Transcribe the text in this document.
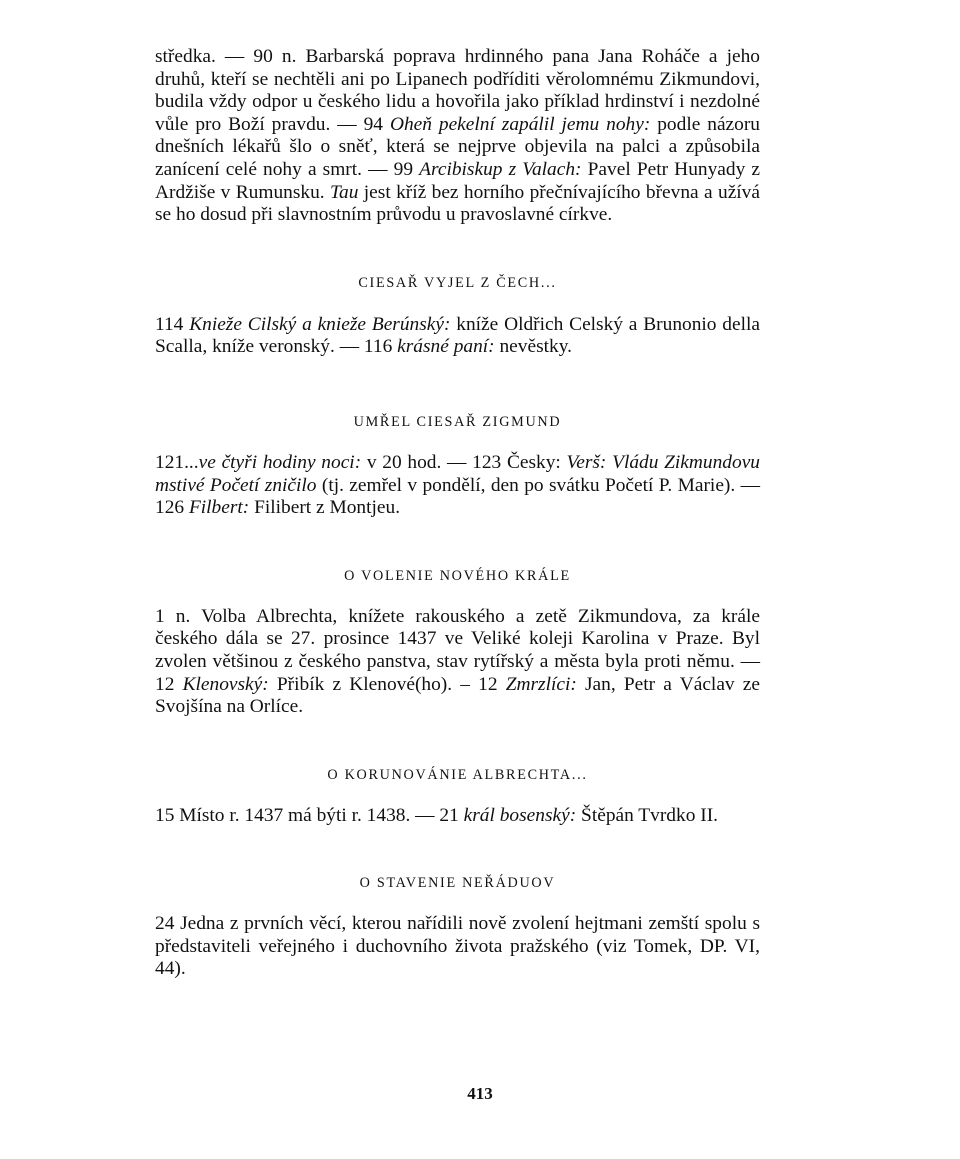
středka. — 90 n. Barbarská poprava hrdinného pana Jana Roháče a jeho druhů, kteří se nechtěli ani po Lipanech podříditi věrolomnému Zikmundovi, budila vždy odpor u českého lidu a hovořila jako příklad hrdinství i nezdolné vůle pro Boží pravdu. — 94 Oheň pekelní zapálil jemu nohy: podle názoru dnešních lékařů šlo o sněť, která se nejprve objevila na palci a způsobila zanícení celé nohy a smrt. — 99 Arcibiskup z Valach: Pavel Petr Hunyady z Ardžiše v Rumunsku. Tau jest kříž bez horního přečnívajícího břevna a užívá se ho dosud při slavnostním průvodu u pravoslavné církve.

CIESAŘ VYJEL Z ČECH...

114 Knieže Cilský a knieže Berúnský: kníže Oldřich Celský a Brunonio della Scalla, kníže veronský. — 116 krásné paní: nevěstky.

UMŘEL CIESAŘ ZIGMUND

121...ve čtyři hodiny noci: v 20 hod. — 123 Česky: Verš: Vládu Zikmundovu mstivé Početí zničilo (tj. zemřel v pondělí, den po svátku Početí P. Marie). — 126 Filbert: Filibert z Montjeu.

O VOLENIE NOVÉHO KRÁLE

1 n. Volba Albrechta, knížete rakouského a zetě Zikmundova, za krále českého dála se 27. prosince 1437 ve Veliké koleji Karolina v Praze. Byl zvolen většinou z českého panstva, stav rytířský a města byla proti němu. — 12 Klenovský: Přibík z Klenové(ho). – 12 Zmrzlíci: Jan, Petr a Václav ze Svojšína na Orlíce.

O KORUNOVÁNIE ALBRECHTA...

15 Místo r. 1437 má býti r. 1438. — 21 král bosenský: Štěpán Tvrdko II.

O STAVENIE NEŘÁDUOV

24 Jedna z prvních věcí, kterou nařídili nově zvolení hejtmani zemští spolu s představiteli veřejného i duchovního života pražského (viz Tomek, DP. VI, 44).

413
